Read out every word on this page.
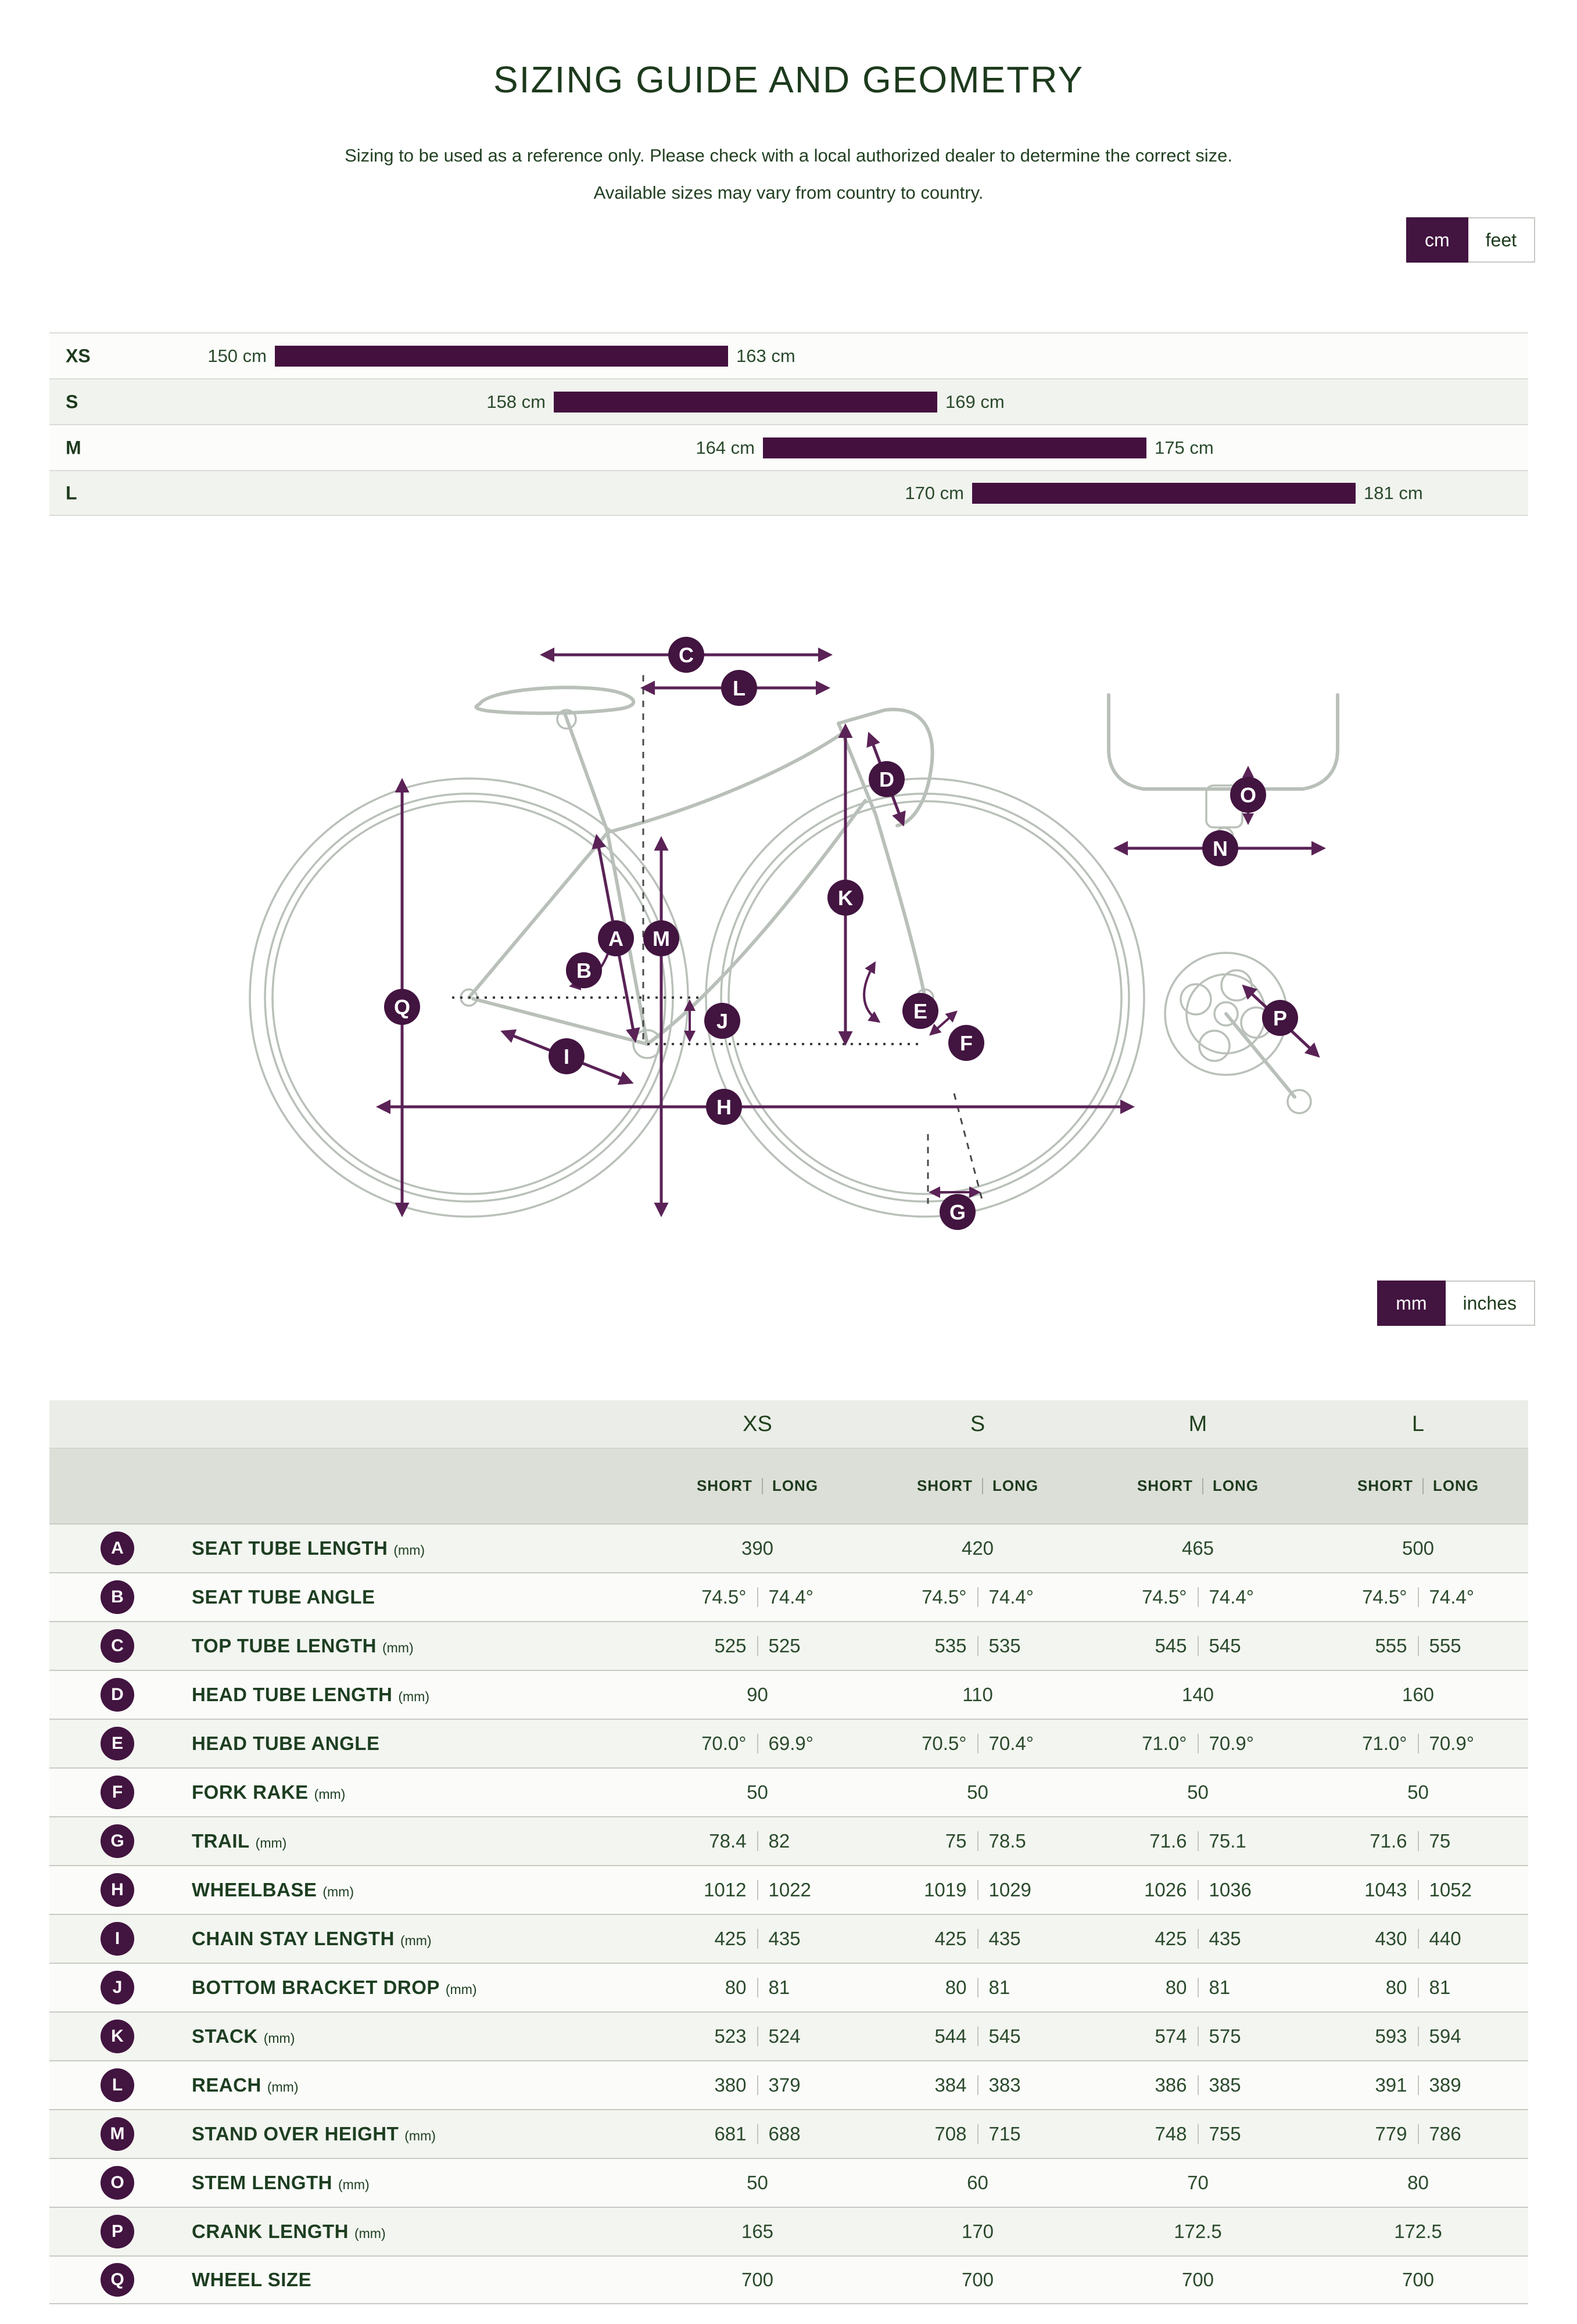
SIZING GUIDE AND GEOMETRY
Sizing to be used as a reference only. Please check with a local authorized dealer to determine the correct size.
Available sizes may vary from country to country.
cm	feet
XS	150 cm	163 cm
S	158 cm	169 cm
M	164 cm	175 cm
L	170 cm	181 cm
A
B
C
D
E
F
G
H
I
J
K
L
M
N
O
P
Q
mm	inches
XS	S	M	L
SHORT LONG	SHORT LONG	SHORT LONG	SHORT LONG
A	SEAT TUBE LENGTH (mm)	390	420	465	500
B	SEAT TUBE ANGLE	74.5°	74.4°	74.5°	74.4°	74.5°	74.4°	74.5°	74.4°
C	TOP TUBE LENGTH (mm)	525	525	535	535	545	545	555	555
D	HEAD TUBE LENGTH (mm)	90	110	140	160
E	HEAD TUBE ANGLE	70.0°	69.9°	70.5°	70.4°	71.0°	70.9°	71.0°	70.9°
F	FORK RAKE (mm)	50	50	50	50
G	TRAIL (mm)	78.4	82	75	78.5	71.6	75.1	71.6	75
H	WHEELBASE (mm)	1012	1022	1019	1029	1026	1036	1043	1052
I	CHAIN STAY LENGTH (mm)	425	435	425	435	425	435	430	440
J	BOTTOM BRACKET DROP (mm)	80	81	80	81	80	81	80	81
K	STACK (mm)	523	524	544	545	574	575	593	594
L	REACH (mm)	380	379	384	383	386	385	391	389
M	STAND OVER HEIGHT (mm)	681	688	708	715	748	755	779	786
O	STEM LENGTH (mm)	50	60	70	80
P	CRANK LENGTH (mm)	165	170	172.5	172.5
Q	WHEEL SIZE	700	700	700	700
